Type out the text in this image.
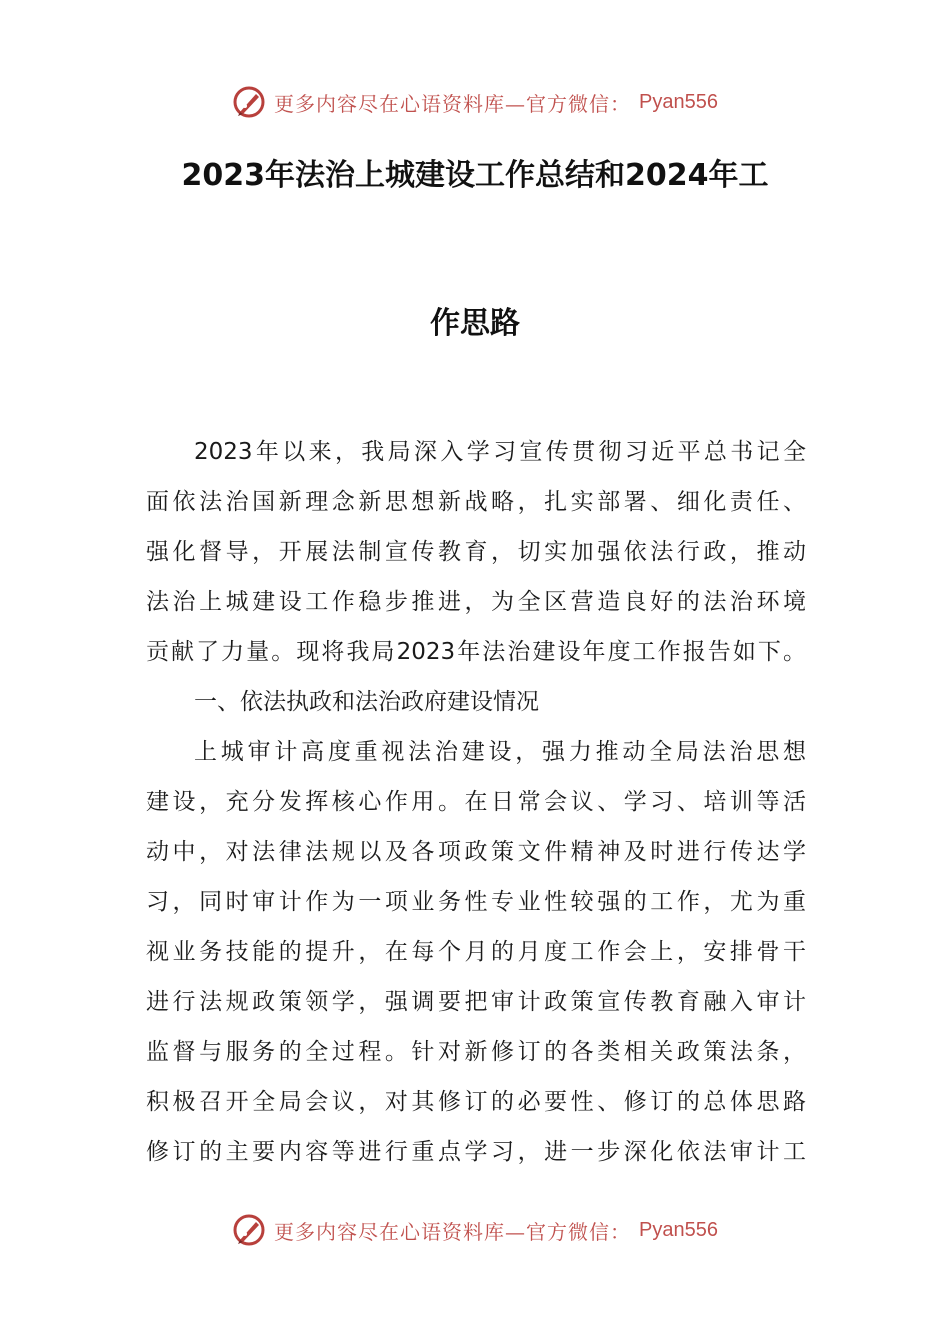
更多内容尽在心语资料库—官方微信： Pyan556
2023年法治上城建设工作总结和2024年工
作思路
2023年以来，我局深入学习宣传贯彻习近平总书记全
面依法治国新理念新思想新战略，扎实部署、细化责任、
强化督导，开展法制宣传教育，切实加强依法行政，推动
法治上城建设工作稳步推进，为全区营造良好的法治环境
贡献了力量。现将我局2023年法治建设年度工作报告如下。
一、依法执政和法治政府建设情况
上城审计高度重视法治建设，强力推动全局法治思想
建设，充分发挥核心作用。在日常会议、学习、培训等活
动中，对法律法规以及各项政策文件精神及时进行传达学
习，同时审计作为一项业务性专业性较强的工作，尤为重
视业务技能的提升，在每个月的月度工作会上，安排骨干
进行法规政策领学，强调要把审计政策宣传教育融入审计
监督与服务的全过程。针对新修订的各类相关政策法条，
积极召开全局会议，对其修订的必要性、修订的总体思路
修订的主要内容等进行重点学习，进一步深化依法审计工
更多内容尽在心语资料库—官方微信： Pyan556
